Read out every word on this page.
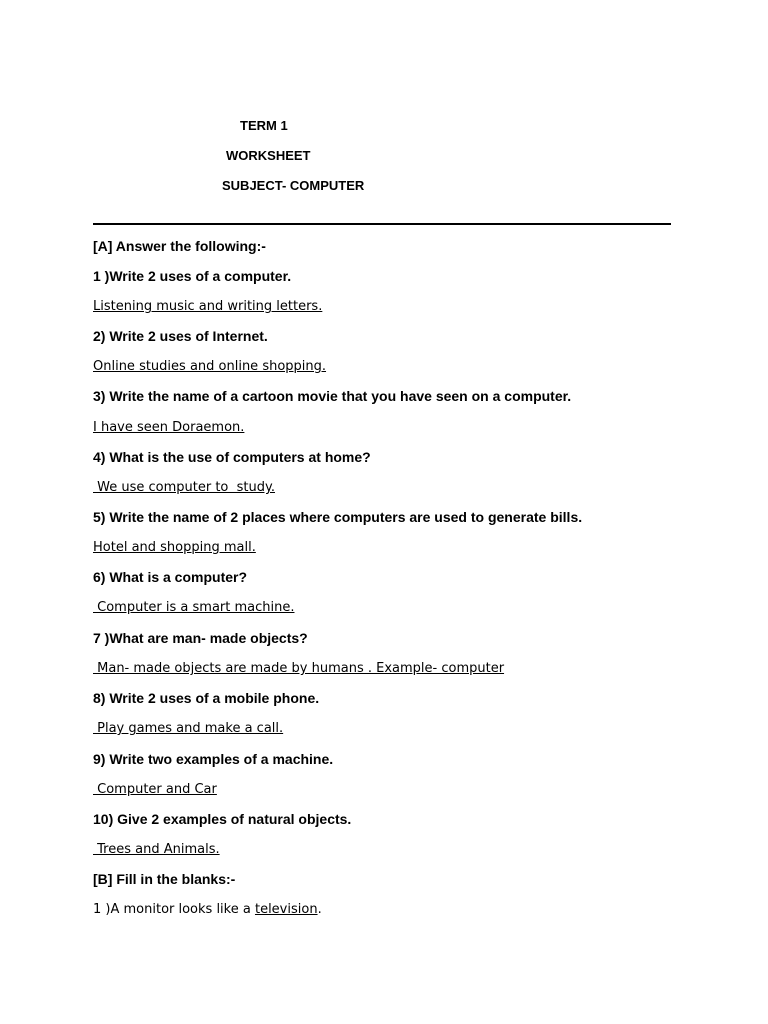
TERM 1
WORKSHEET
SUBJECT- COMPUTER
[A] Answer the following:-
1 )Write 2 uses of a computer.
Listening music and writing letters.
2) Write 2 uses of Internet.
Online studies and online shopping.
3) Write the name of a cartoon movie that you have seen on a computer.
I have seen Doraemon.
4) What is the use of computers at home?
We use computer to  study.
5) Write the name of 2 places where computers are used to generate bills.
Hotel and shopping mall.
6) What is a computer?
Computer is a smart machine.
7 )What are man- made objects?
Man- made objects are made by humans . Example- computer
8) Write 2 uses of a mobile phone.
Play games and make a call.
9) Write two examples of a machine.
Computer and Car
10) Give 2 examples of natural objects.
Trees and Animals.
[B] Fill in the blanks:-
1 )A monitor looks like a television.
